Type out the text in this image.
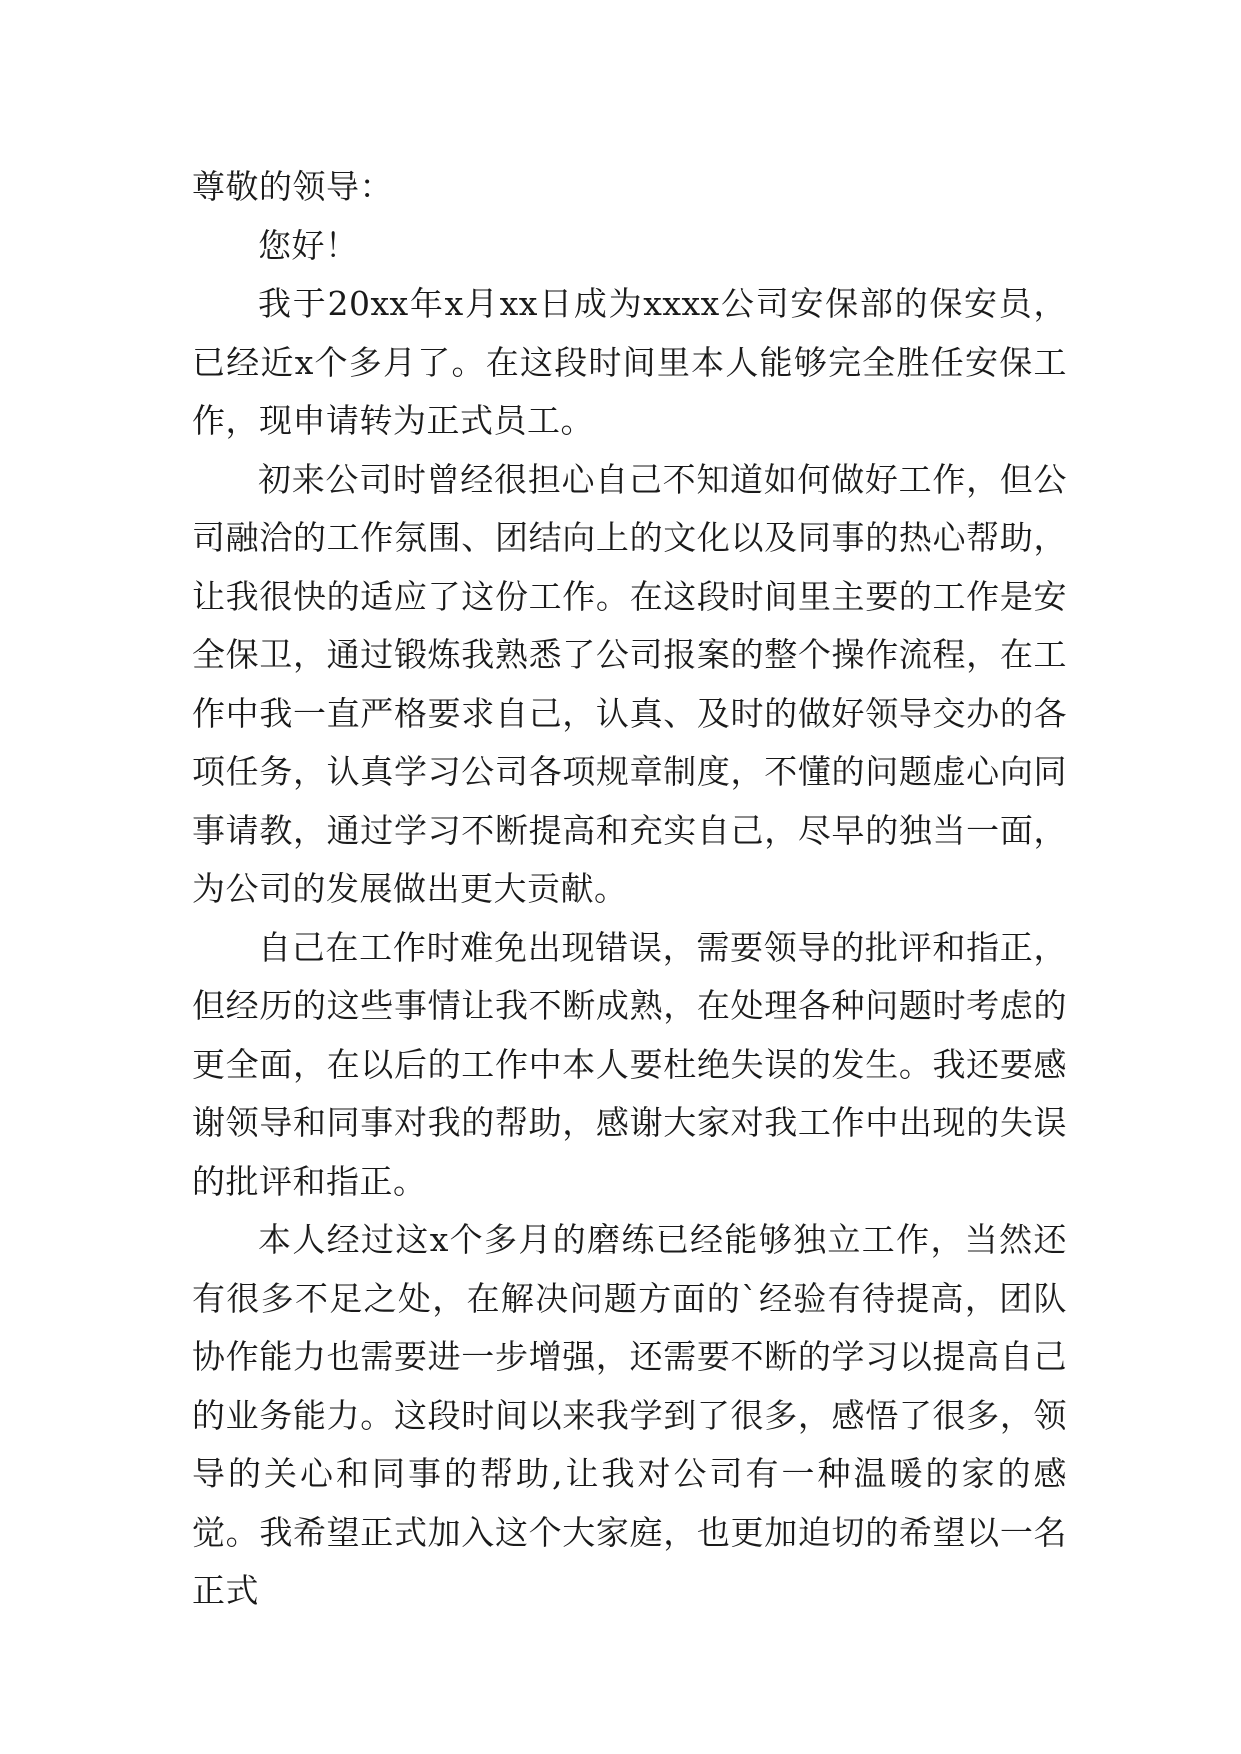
尊敬的领导：

您好！

我于20xx年x月xx日成为xxxx公司安保部的保安员，已经近x个多月了。在这段时间里本人能够完全胜任安保工作，现申请转为正式员工。

初来公司时曾经很担心自己不知道如何做好工作，但公司融洽的工作氛围、团结向上的文化以及同事的热心帮助，让我很快的适应了这份工作。在这段时间里主要的工作是安全保卫，通过锻炼我熟悉了公司报案的整个操作流程，在工作中我一直严格要求自己，认真、及时的做好领导交办的各项任务，认真学习公司各项规章制度，不懂的问题虚心向同事请教，通过学习不断提高和充实自己，尽早的独当一面，为公司的发展做出更大贡献。

自己在工作时难免出现错误，需要领导的批评和指正，但经历的这些事情让我不断成熟，在处理各种问题时考虑的更全面，在以后的工作中本人要杜绝失误的发生。我还要感谢领导和同事对我的帮助，感谢大家对我工作中出现的失误的批评和指正。

本人经过这x个多月的磨练已经能够独立工作，当然还有很多不足之处，在解决问题方面的`经验有待提高，团队协作能力也需要进一步增强，还需要不断的学习以提高自己的业务能力。这段时间以来我学到了很多，感悟了很多，领导的关心和同事的帮助,让我对公司有一种温暖的家的感觉。我希望正式加入这个大家庭，也更加迫切的希望以一名正式
